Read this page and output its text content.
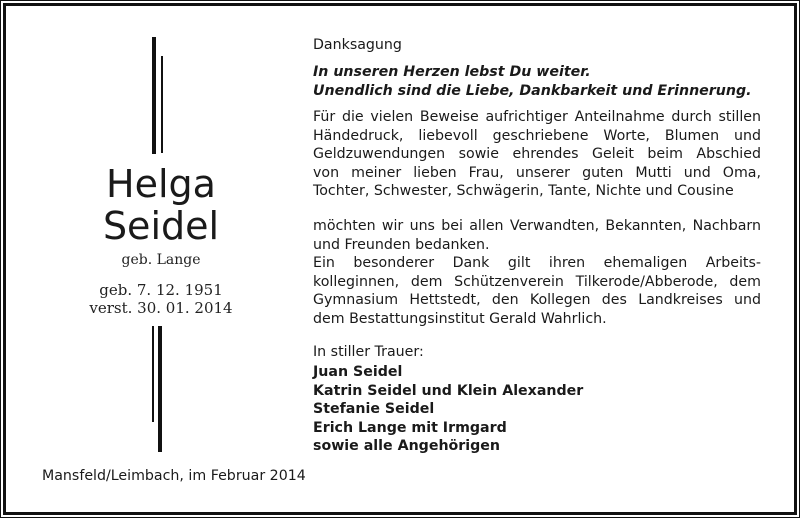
Helga
Seidel
geb. Lange
geb. 7. 12. 1951
verst. 30. 01. 2014
Danksagung
In unseren Herzen lebst Du weiter.
Unendlich sind die Liebe, Dankbarkeit und Erinnerung.
Für die vielen Beweise aufrichtiger Anteilnahme durch stillen
Händedruck, liebevoll geschriebene Worte, Blumen und
Geldzuwendungen sowie ehrendes Geleit beim Abschied
von meiner lieben Frau, unserer guten Mutti und Oma,
Tochter, Schwester, Schwägerin, Tante, Nichte und Cousine
möchten wir uns bei allen Verwandten, Bekannten, Nachbarn
und Freunden bedanken.
Ein besonderer Dank gilt ihren ehemaligen Arbeits-
kolleginnen, dem Schützenverein Tilkerode/Abberode, dem
Gymnasium Hettstedt, den Kollegen des Landkreises und
dem Bestattungsinstitut Gerald Wahrlich.
In stiller Trauer:
Juan Seidel
Katrin Seidel und Klein Alexander
Stefanie Seidel
Erich Lange mit Irmgard
sowie alle Angehörigen
Mansfeld/Leimbach, im Februar 2014
